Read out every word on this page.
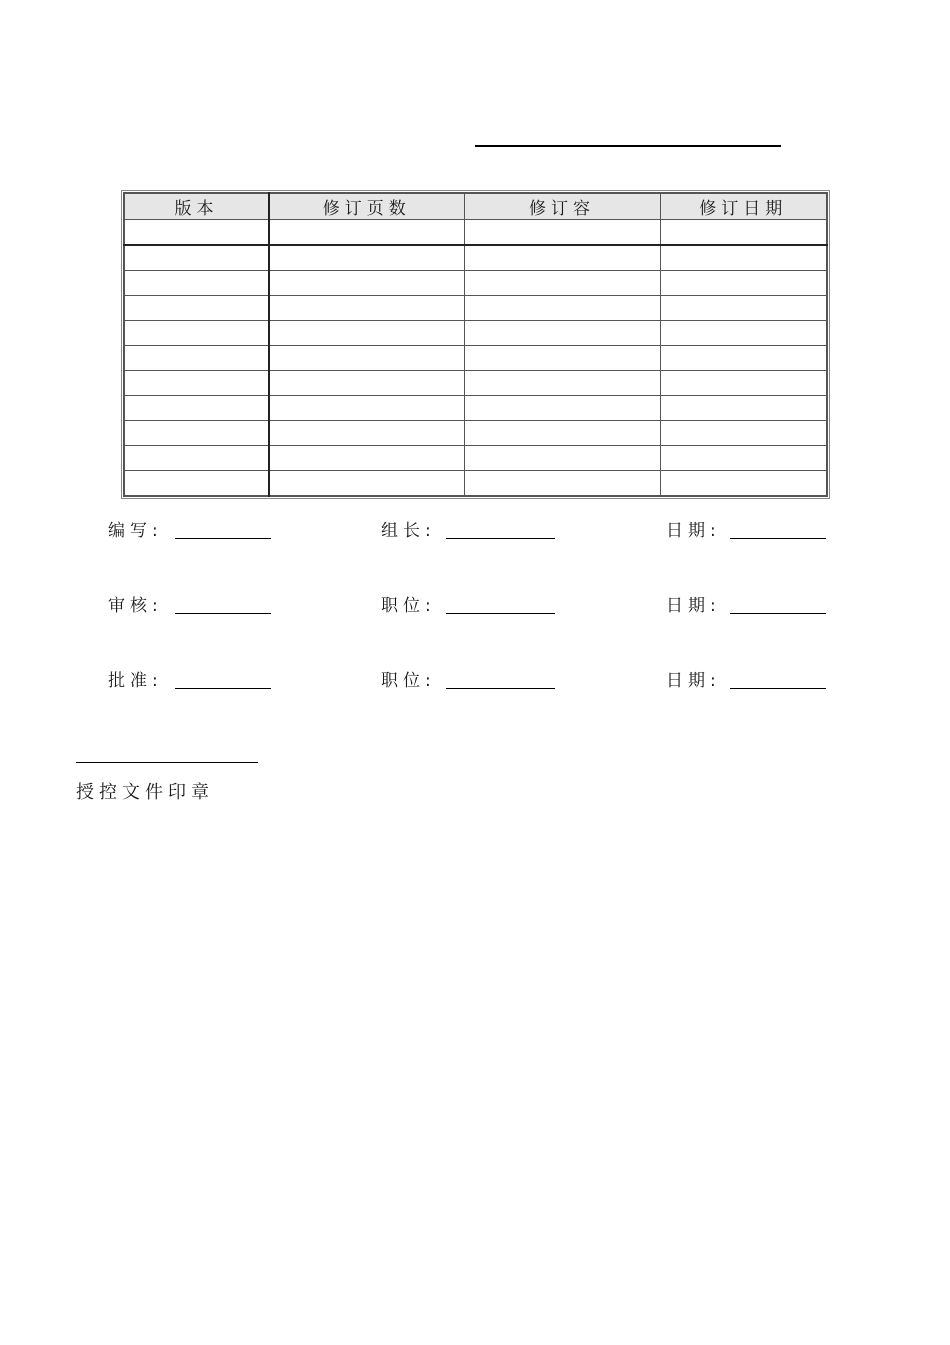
版本	修订页数	修订容	修订日期

编写:	组长:	日期:
审核:	职位:	日期:
批准:	职位:	日期:
授控文件印章
